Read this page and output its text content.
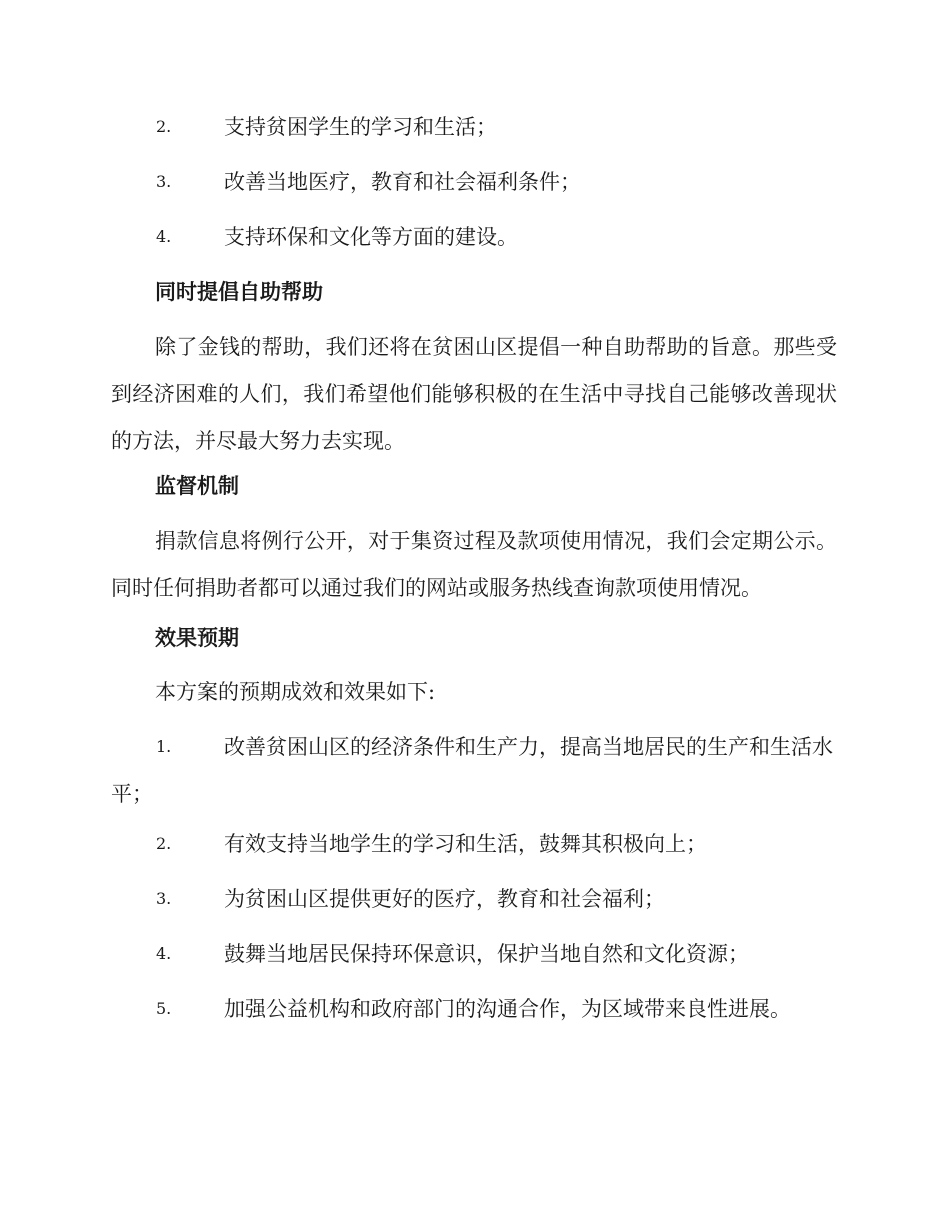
2.	支持贫困学生的学习和生活；
3.	改善当地医疗，教育和社会福利条件；
4.	支持环保和文化等方面的建设。
同时提倡自助帮助
除了金钱的帮助，我们还将在贫困山区提倡一种自助帮助的旨意。那些受到经济困难的人们，我们希望他们能够积极的在生活中寻找自己能够改善现状的方法，并尽最大努力去实现。
监督机制
捐款信息将例行公开，对于集资过程及款项使用情况，我们会定期公示。同时任何捐助者都可以通过我们的网站或服务热线查询款项使用情况。
效果预期
本方案的预期成效和效果如下:
1.	改善贫困山区的经济条件和生产力，提高当地居民的生产和生活水平；
2.	有效支持当地学生的学习和生活，鼓舞其积极向上；
3.	为贫困山区提供更好的医疗，教育和社会福利；
4.	鼓舞当地居民保持环保意识，保护当地自然和文化资源；
5.	加强公益机构和政府部门的沟通合作，为区域带来良性进展。
